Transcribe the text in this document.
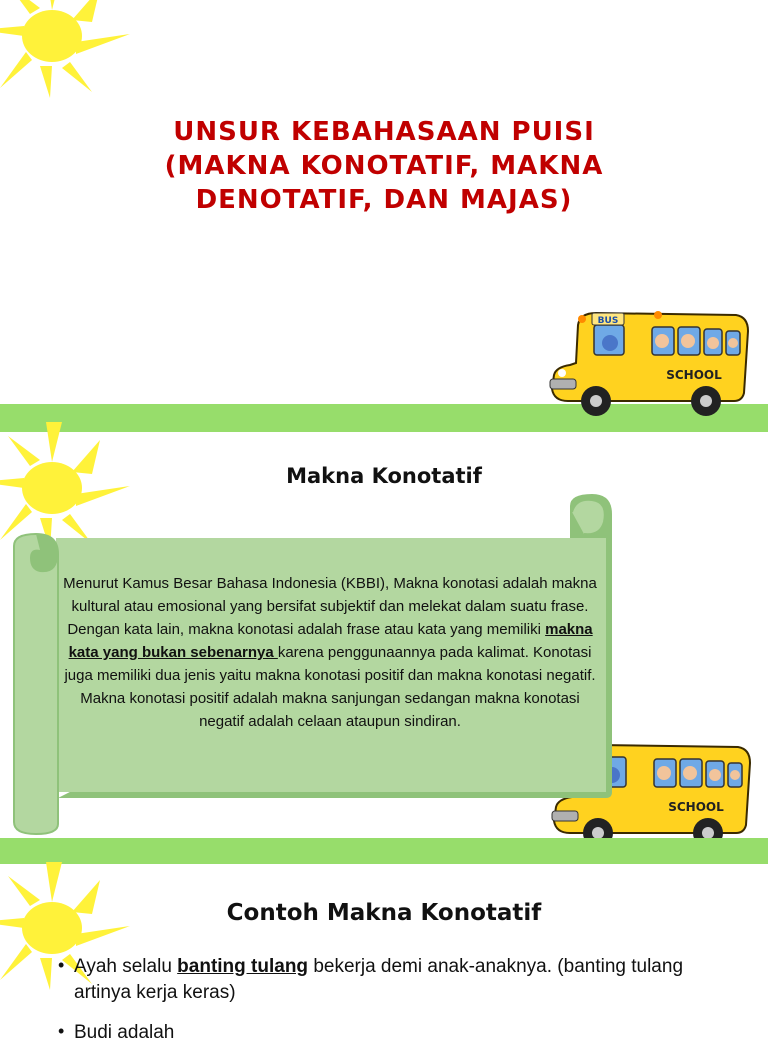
UNSUR KEBAHASAAN PUISI
(MAKNA KONOTATIF, MAKNA
DENOTATIF, DAN MAJAS)
BUS
SCHOOL
Makna Konotatif
SCHOOL
Menurut Kamus Besar Bahasa Indonesia (KBBI), Makna konotasi adalah makna kultural atau emosional yang bersifat subjektif dan melekat dalam suatu frase. Dengan kata lain, makna konotasi adalah frase atau kata yang memiliki makna kata yang bukan sebenarnya karena penggunaannya pada kalimat. Konotasi juga memiliki dua jenis yaitu makna konotasi positif dan makna konotasi negatif. Makna konotasi positif adalah makna sanjungan sedangan makna konotasi negatif adalah celaan ataupun sindiran.
Contoh Makna Konotatif
• Ayah selalu banting tulang bekerja demi anak-anaknya. (banting tulang artinya kerja keras)
• Budi adalah
